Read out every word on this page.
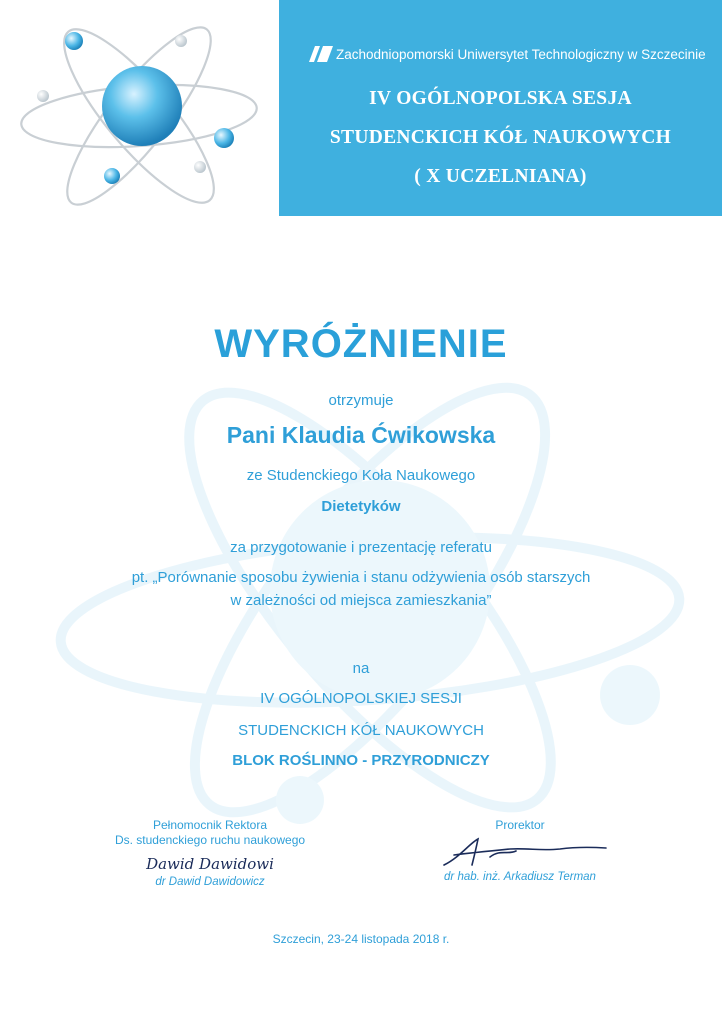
Zachodniopomorski Uniwersytet Technologiczny w Szczecinie
IV OGÓLNOPOLSKA SESJA
STUDENCKICH KÓŁ NAUKOWYCH
( X UCZELNIANA)
WYRÓŻNIENIE
otrzymuje
Pani Klaudia Ćwikowska
ze Studenckiego Koła Naukowego
Dietetyków
za przygotowanie i prezentację referatu
pt. „Porównanie sposobu żywienia i stanu odżywienia osób starszych
w zależności od miejsca zamieszkania”
na
IV OGÓLNOPOLSKIEJ SESJI
STUDENCKICH KÓŁ NAUKOWYCH
BLOK ROŚLINNO - PRZYRODNICZY
Pełnomocnik Rektora
Ds. studenckiego ruchu naukowego
Dawid Dawidowi
dr Dawid Dawidowicz
Prorektor
dr hab. inż. Arkadiusz Terman
Szczecin, 23-24 listopada 2018 r.
